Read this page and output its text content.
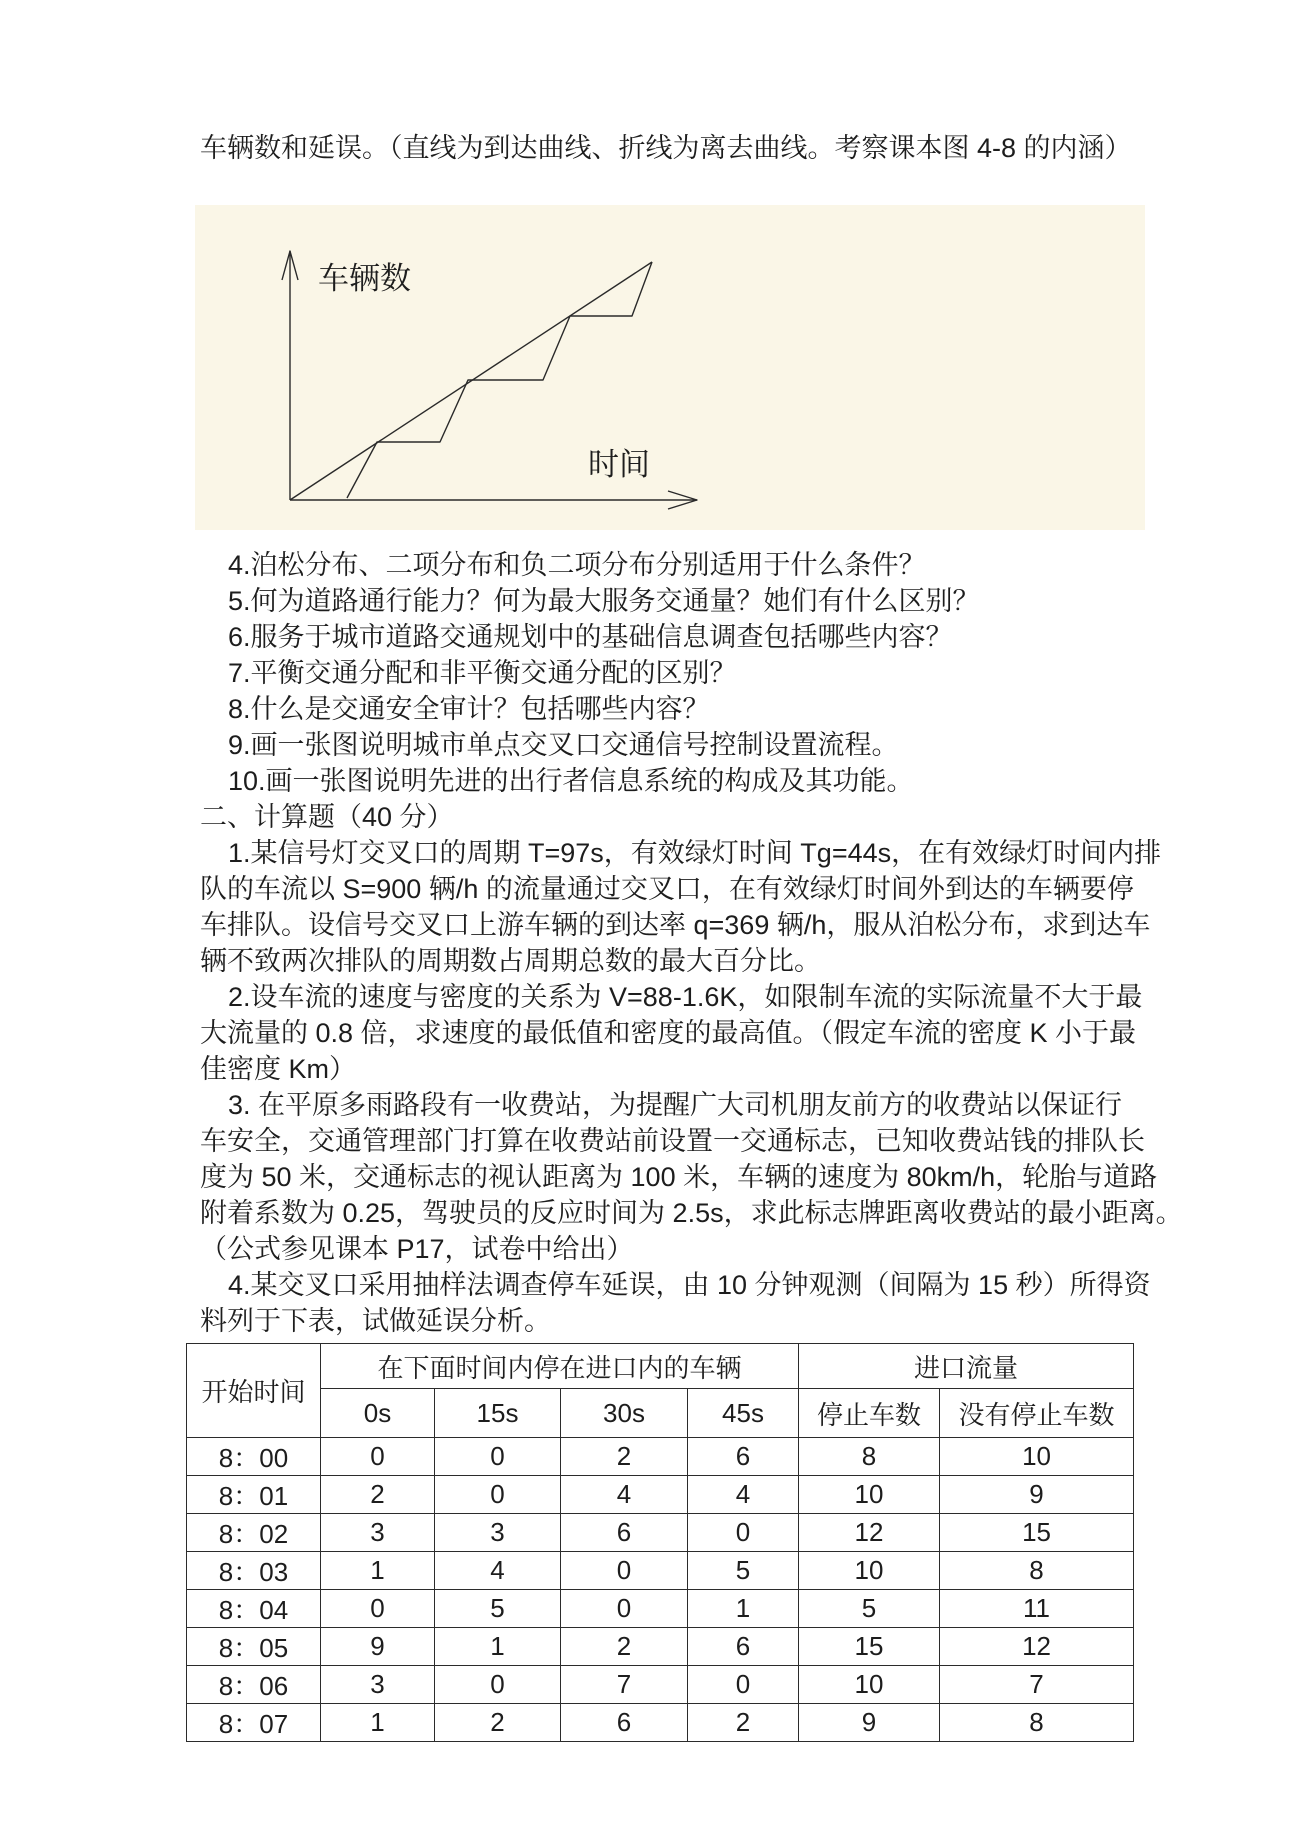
车辆数和延误。（直线为到达曲线、折线为离去曲线。考察课本图 4-8 的内涵）
车辆数
时间
4.泊松分布、二项分布和负二项分布分别适用于什么条件？
5.何为道路通行能力？何为最大服务交通量？她们有什么区别？
6.服务于城市道路交通规划中的基础信息调查包括哪些内容？
7.平衡交通分配和非平衡交通分配的区别？
8.什么是交通安全审计？包括哪些内容？
9.画一张图说明城市单点交叉口交通信号控制设置流程。
10.画一张图说明先进的出行者信息系统的构成及其功能。
二、计算题（40 分）
1.某信号灯交叉口的周期 T=97s，有效绿灯时间 Tg=44s，在有效绿灯时间内排
队的车流以 S=900 辆/h 的流量通过交叉口，在有效绿灯时间外到达的车辆要停
车排队。设信号交叉口上游车辆的到达率 q=369 辆/h，服从泊松分布，求到达车
辆不致两次排队的周期数占周期总数的最大百分比。
2.设车流的速度与密度的关系为 V=88-1.6K，如限制车流的实际流量不大于最
大流量的 0.8 倍，求速度的最低值和密度的最高值。（假定车流的密度 K 小于最
佳密度 Km）
3. 在平原多雨路段有一收费站，为提醒广大司机朋友前方的收费站以保证行
车安全，交通管理部门打算在收费站前设置一交通标志，已知收费站钱的排队长
度为 50 米，交通标志的视认距离为 100 米，车辆的速度为 80km/h，轮胎与道路
附着系数为 0.25，驾驶员的反应时间为 2.5s，求此标志牌距离收费站的最小距离。
（公式参见课本 P17，试卷中给出）
4.某交叉口采用抽样法调查停车延误，由 10 分钟观测（间隔为 15 秒）所得资
料列于下表，试做延误分析。
开始时间	在下面时间内停在进口内的车辆				进口流量	
	0s	15s	30s	45s	停止车数	没有停止车数
8：00	0	0	2	6	8	10
8：01	2	0	4	4	10	9
8：02	3	3	6	0	12	15
8：03	1	4	0	5	10	8
8：04	0	5	0	1	5	11
8：05	9	1	2	6	15	12
8：06	3	0	7	0	10	7
8：07	1	2	6	2	9	8
